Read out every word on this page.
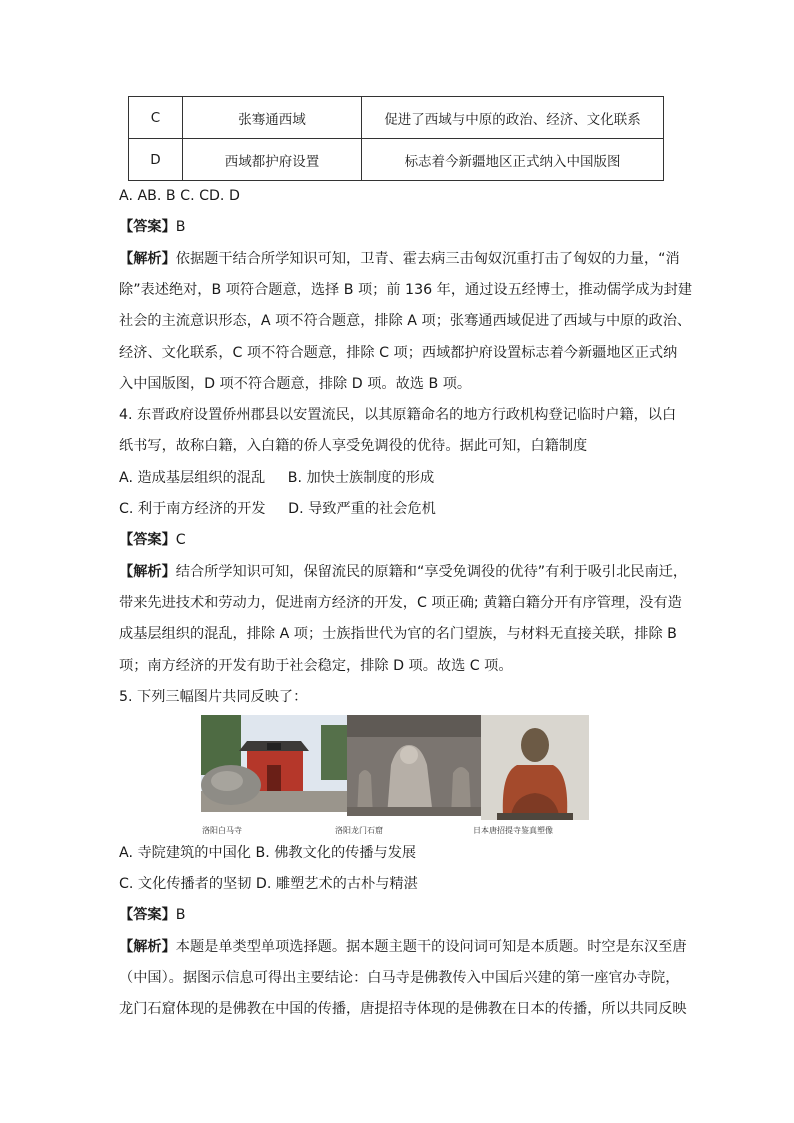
C	张骞通西域	促进了西域与中原的政治、经济、文化联系
D	西域都护府设置	标志着今新疆地区正式纳入中国版图
A. AB. B C. CD. D
【答案】B
【解析】依据题干结合所学知识可知，卫青、霍去病三击匈奴沉重打击了匈奴的力量，“消
除”表述绝对，B 项符合题意，选择 B 项；前 136 年，通过设五经博士，推动儒学成为封建
社会的主流意识形态，A 项不符合题意，排除 A 项；张骞通西域促进了西域与中原的政治、
经济、文化联系，C 项不符合题意，排除 C 项；西域都护府设置标志着今新疆地区正式纳
入中国版图，D 项不符合题意，排除 D 项。故选 B 项。
4. 东晋政府设置侨州郡县以安置流民，以其原籍命名的地方行政机构登记临时户籍，以白
纸书写，故称白籍，入白籍的侨人享受免调役的优待。据此可知，白籍制度
A. 造成基层组织的混乱     B. 加快士族制度的形成
C. 利于南方经济的开发     D. 导致严重的社会危机
【答案】C
【解析】结合所学知识可知，保留流民的原籍和“享受免调役的优待”有利于吸引北民南迁，
带来先进技术和劳动力，促进南方经济的开发，C 项正确; 黄籍白籍分开有序管理，没有造
成基层组织的混乱，排除 A 项；士族指世代为官的名门望族，与材料无直接关联，排除 B
项；南方经济的开发有助于社会稳定，排除 D 项。故选 C 项。
5. 下列三幅图片共同反映了：
洛阳白马寺	洛阳龙门石窟	日本唐招提寺鉴真塑像
A. 寺院建筑的中国化 B. 佛教文化的传播与发展
C. 文化传播者的坚韧 D. 雕塑艺术的古朴与精湛
【答案】B
【解析】本题是单类型单项选择题。据本题主题干的设问词可知是本质题。时空是东汉至唐
（中国）。据图示信息可得出主要结论：白马寺是佛教传入中国后兴建的第一座官办寺院，
龙门石窟体现的是佛教在中国的传播，唐提招寺体现的是佛教在日本的传播，所以共同反映
